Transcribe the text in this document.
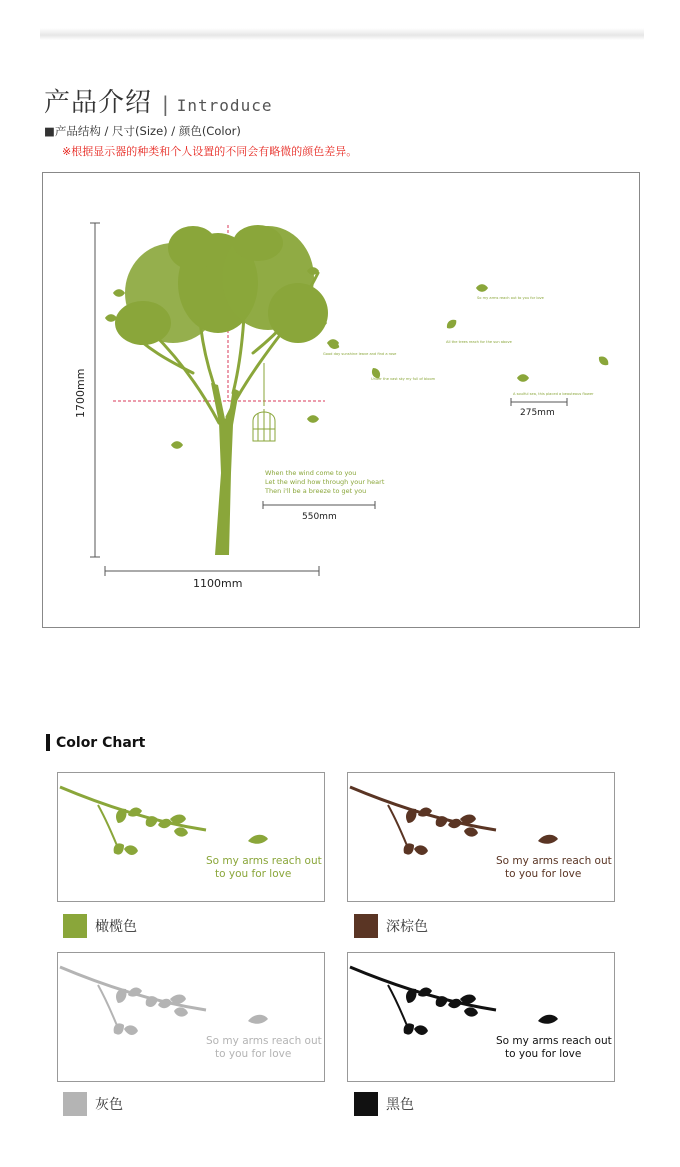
产品介绍 | Introduce
■产品结构 / 尺寸(Size) / 颜色(Color)
※根据显示器的种类和个人设置的不同会有略微的颜色差异。
Good day sunshine leave and find a rose
Under the vast sky my full of bloom
So my arms reach out to you for love
All the trees reach for the sun above
A soulful sea, this placed a beauteous flower
When the wind come to you
Let the wind how through your heart
Then i'll be a breeze to get you
1700mm
1100mm
550mm
275mm
Color Chart
So my arms reach out
to you for love
So my arms reach out
to you for love
So my arms reach out
to you for love
So my arms reach out
to you for love
橄榄色	深棕色
灰色	黑色
